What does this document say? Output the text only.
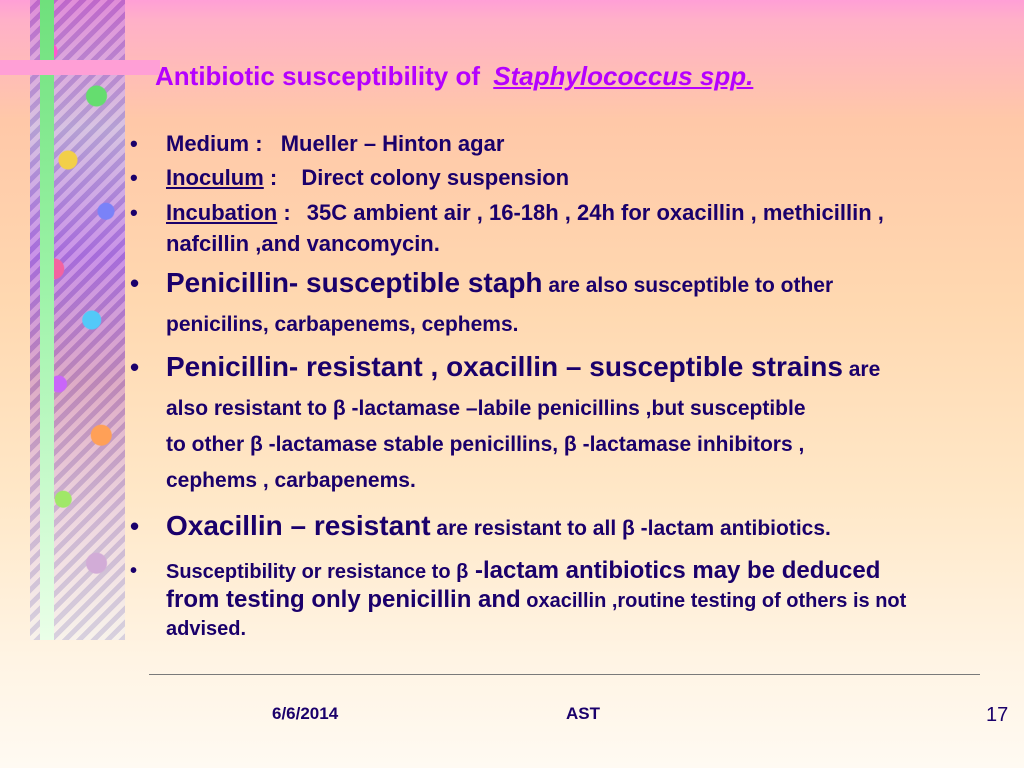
Antibiotic susceptibility of Staphylococcus spp.
• Medium : Mueller – Hinton agar
• Inoculum : Direct colony suspension
• Incubation : 35C ambient air , 16-18h , 24h for oxacillin , methicillin ,
nafcillin ,and vancomycin.
• Penicillin- susceptible staph are also susceptible to other
penicilins, carbapenems, cephems.
• Penicillin- resistant , oxacillin – susceptible strains are
also resistant to β -lactamase –labile penicillins ,but susceptible
to other β -lactamase stable penicillins, β -lactamase inhibitors ,
cephems , carbapenems.
• Oxacillin – resistant are resistant to all β -lactam antibiotics.
• Susceptibility or resistance to β -lactam antibiotics may be deduced
from testing only penicillin and oxacillin ,routine testing of others is not
advised.
6/6/2014	AST	17
